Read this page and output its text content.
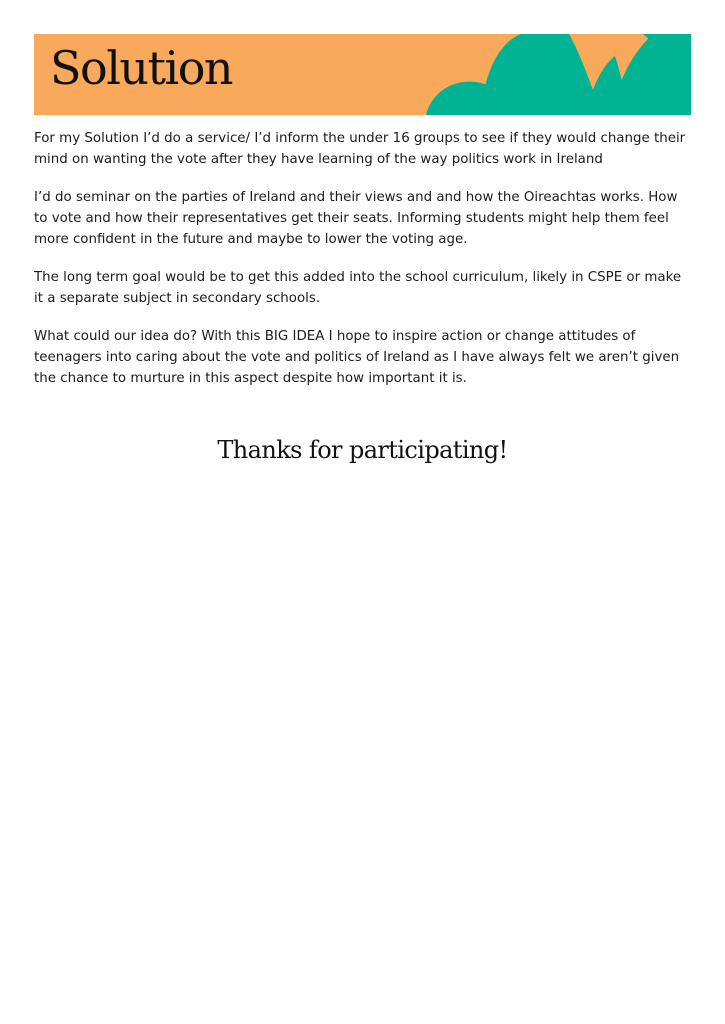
Solution

For my Solution I’d do a service/ I’d inform the under 16 groups to see if they would change their mind on wanting the vote after they have learning of the way politics work in Ireland

I’d do seminar on the parties of Ireland and their views and and how the Oireachtas works. How to vote and how their representatives get their seats. Informing students might help them feel more confident in the future and maybe to lower the voting age.

The long term goal would be to get this added into the school curriculum, likely in CSPE or make it a separate subject in secondary schools.

What could our idea do? With this BIG IDEA I hope to inspire action or change attitudes of teenagers into caring about the vote and politics of Ireland as I have always felt we aren’t given the chance to murture in this aspect despite how important it is.

Thanks for participating!
